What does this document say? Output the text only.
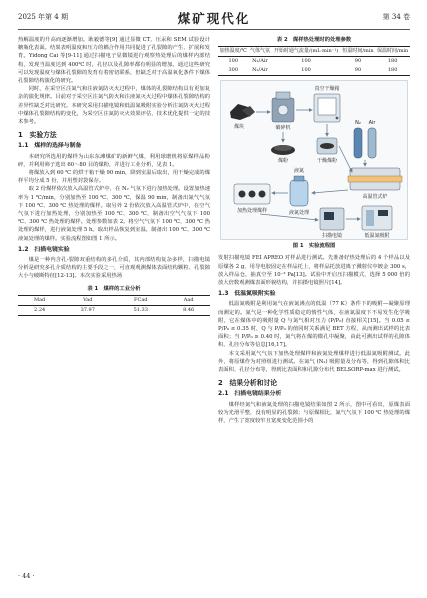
2025 年第 4 期	煤矿现代化	第 34 卷

热解温度的升高而逐渐增加。耿毅德等[9] 通过显微 CT、压汞和 SEM 试验设计糖瓶化表面。结果表明温度和压力的耦合作用共同促进了孔裂隙的产生、扩展和发育。Yidong Cai 等[9-11] 通过扫描电子显微镜进行观察热处理后的煤样内部结构，发现当温度达到 400℃ 时，孔径以及孔隙率都有明显的增加。通过这些研究可以发现温度与煤体孔裂隙的发育有着密切联系，但缺乏对于高温氧化条件下煤体孔裂隙结构演化的研究。

同时，在采空区注氮气和注液氮防灭火过程中，煤体的孔裂隙结构具有更加复杂的演化规律。目前对于采空区注氮气防火和注液氮灭火过程中煤体孔裂隙结构的差异性缺乏对比研究。本研究采用扫描电镜和低温氮吸附实验分析注氮防灭火过程中煤体孔裂隙结构的变化，为采空区注氮防灭火效果评估、技术优化提供一定的技术参考。

1　实验方法
1.1　煤样的选择与制备

本研究所选用的煤样为山东东滩煤矿的新鲜气煤，利用球磨机将原煤样品粉碎，并利用筛子选出 60～80 目的煤粉，并进行工业分析，见表 1。

将煤放入到 60 ℃ 的烘干箱干燥 90 min，降到室温后取出，用干燥完成的煤样平均分成 5 份，并用塑封袋保存。

取 2 份煤样依次放入高温管式炉中，在 N₂ 气氛下进行加热处理。设置加热速率为 1 ℃/min，分别加热至 100 ℃、300 ℃，保温 90 min，制备出氮气气氛下 100 ℃、300 ℃ 热处理的煤样。取另外 2 份依次放入高温管式炉中，在空气气氛下进行加热处理，分别加热至 100 ℃、300 ℃，制备出空气气氛下 100 ℃、300 ℃ 热处理的煤样。处理参数如表 2。将空气气氛下 100 ℃、300 ℃ 热处理的煤样，进行液氮处理 5 h。取出样品恢复到室温，制备出 100 ℃、300 ℃ 液氮处理的煤样。实验流程图如图 1 所示。

1.2　扫描电镜实验

煤是一种内含孔-裂隙双重结构的多孔介质，其内部结构复杂多样，扫描电镜分析是研究多孔介质结构的主要手段之一，可直观观测煤体表面结构颗粒、孔裂隙大小与破断特征[12-13]。本次实验采用热场

表 1　煤样的工业分析
Mad	Vad	FCad	Aad
2.24	37.97	51.33	8.46
· 44 ·
表 2　煤样热处理时的处理参数
加热温度/℃	气体气氛	开始时通气流量/(mL·min⁻¹)	恒温时间/min	保温时间/min
100	N₂/Air	100	90	180
300	N₂/Air	100	90	180
煤块	破碎机
真空干燥箱
煤粉	干燥煤粉
N₂ Air
高温管式炉
加热处理煤样	液氮处理
液氮
扫描电镜	低温氮吸附
图 1　实验流程图

发射扫描电镜 FEI APREO 对样品进行测试。先准备好热处理后的 4 个样品以及原煤各 2 g，用导电胶固定在样品托上，将样品托放进离子溅射仪中镀金 300 s，放入样品仓，抽真空至 10⁻³ Pa[13]。试验中开启压扫描模式，选择 5 000 倍的放大倍数观测煤表面形貌结构，并拍摄电镜照片[14]。

1.3　低温氮吸附实验

低温氮吸附是利用氮气在液氮沸点的低温（77 K）条件下的吸附—凝聚原理而测定的。氮气是一种化学性质稳定的惰性气体，在液氮温度下不易发生化学吸附，它在煤体中的吸附量 Q 与氮气相对压力 (P/P₀) 直接相关[15]。当 0.05 ≤ P/P₀ ≤ 0.35 时，Q 与 P/P₀ 的值同时关系满足 BET 方程，从而测出试样的比表面积；当 P/P₀ ≥ 0.40 时，氮气将在煤的微孔中凝聚，由此可测出试样的孔隙体积、孔径分布等信息[16,17]。

本文采用氮气气氛下加热处理煤样和液氮处理煤样进行低温氮吸附测试。此外，将原煤作为对照组进行测试。在氮气 (N₂) 吸附量及分布等，得到孔隙体积比表面积、孔径分布等，得到比表面积和孔隙分布代 BELSORP-max 进行测试。

2　结果分析和讨论
2.1　扫描电镜结果分析

煤样经氮气和液氮处理的扫描电镜结果如图 2 所示，图中可看出，原煤表面较为光滑平整，没有明显的孔裂隙；与原煤相比，氮气气氛下 100 ℃ 热处理的煤样，产生了宽度较窄且宽度变化范围小的
